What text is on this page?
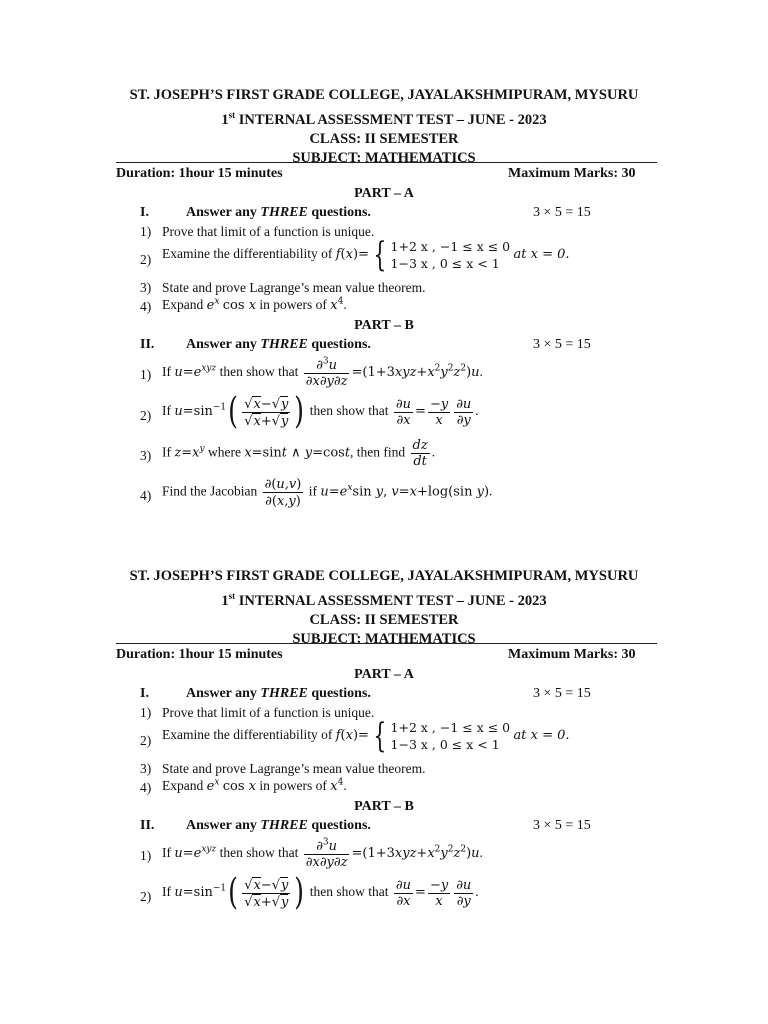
ST. JOSEPH’S FIRST GRADE COLLEGE, JAYALAKSHMIPURAM, MYSURU
1st INTERNAL ASSESSMENT TEST – JUNE - 2023
CLASS: II SEMESTER
SUBJECT: MATHEMATICS
Duration: 1hour 15 minutes	Maximum Marks: 30
PART – A
I.	Answer any THREE questions.	3 × 5 = 15
1) Prove that limit of a function is unique.
2) Examine the differentiability of f(x)= { 1+2 x , −1 ≤ x ≤ 0
1−3 x , 0 ≤ x < 1
at x = 0.
3) State and prove Lagrange’s mean value theorem.
4) Expand $e^x$ cos x in powers of $x^4$.
PART – B
II. Answer any THREE questions.	3 × 5 = 15
1) If $u=e^{xyz}$ then show that $\frac{\partial^3u}{\partial x\partial y\partial z} =(1+3xyz+x^2y^2z^2)u$.
2) If $u=\sin^{-1}( \frac{√x-√y}{√x+√y}$ ) then show that $\frac{\partial u}{\partial x} = \frac{-y}{x} \frac{\partial u}{\partial y}$ .
3) If $z=x^y$ where x=sint ∧ y=cost, then find $\frac{dz}{dt}$ .
4) Find the Jacobian $\frac{\partial(u,v)}{\partial(x,y)}$ if $u=e^x\sin$ y, v=x+log(sin y).
ST. JOSEPH’S FIRST GRADE COLLEGE, JAYALAKSHMIPURAM, MYSURU
1st INTERNAL ASSESSMENT TEST – JUNE - 2023
CLASS: II SEMESTER
SUBJECT: MATHEMATICS
Duration: 1hour 15 minutes	Maximum Marks: 30
PART – A
I.	Answer any THREE questions.	3 × 5 = 15
1) Prove that limit of a function is unique.
2) Examine the differentiability of f(x)= { 1+2 x , −1 ≤ x ≤ 0
1−3 x , 0 ≤ x < 1
at x = 0.
3) State and prove Lagrange’s mean value theorem.
4) Expand $e^x$ cos x in powers of $x^4$.
PART – B
II. Answer any THREE questions.	3 × 5 = 15
1) If $u=e^{xyz}$ then show that $\frac{\partial^3u}{\partial x\partial y\partial z} =(1+3xyz+x^2y^2z^2)u$.
2) If $u=\sin^{-1}( \frac{√x-√y}{√x+√y}$ ) then show that $\frac{\partial u}{\partial x} = \frac{-y}{x} \frac{\partial u}{\partial y}$ .
